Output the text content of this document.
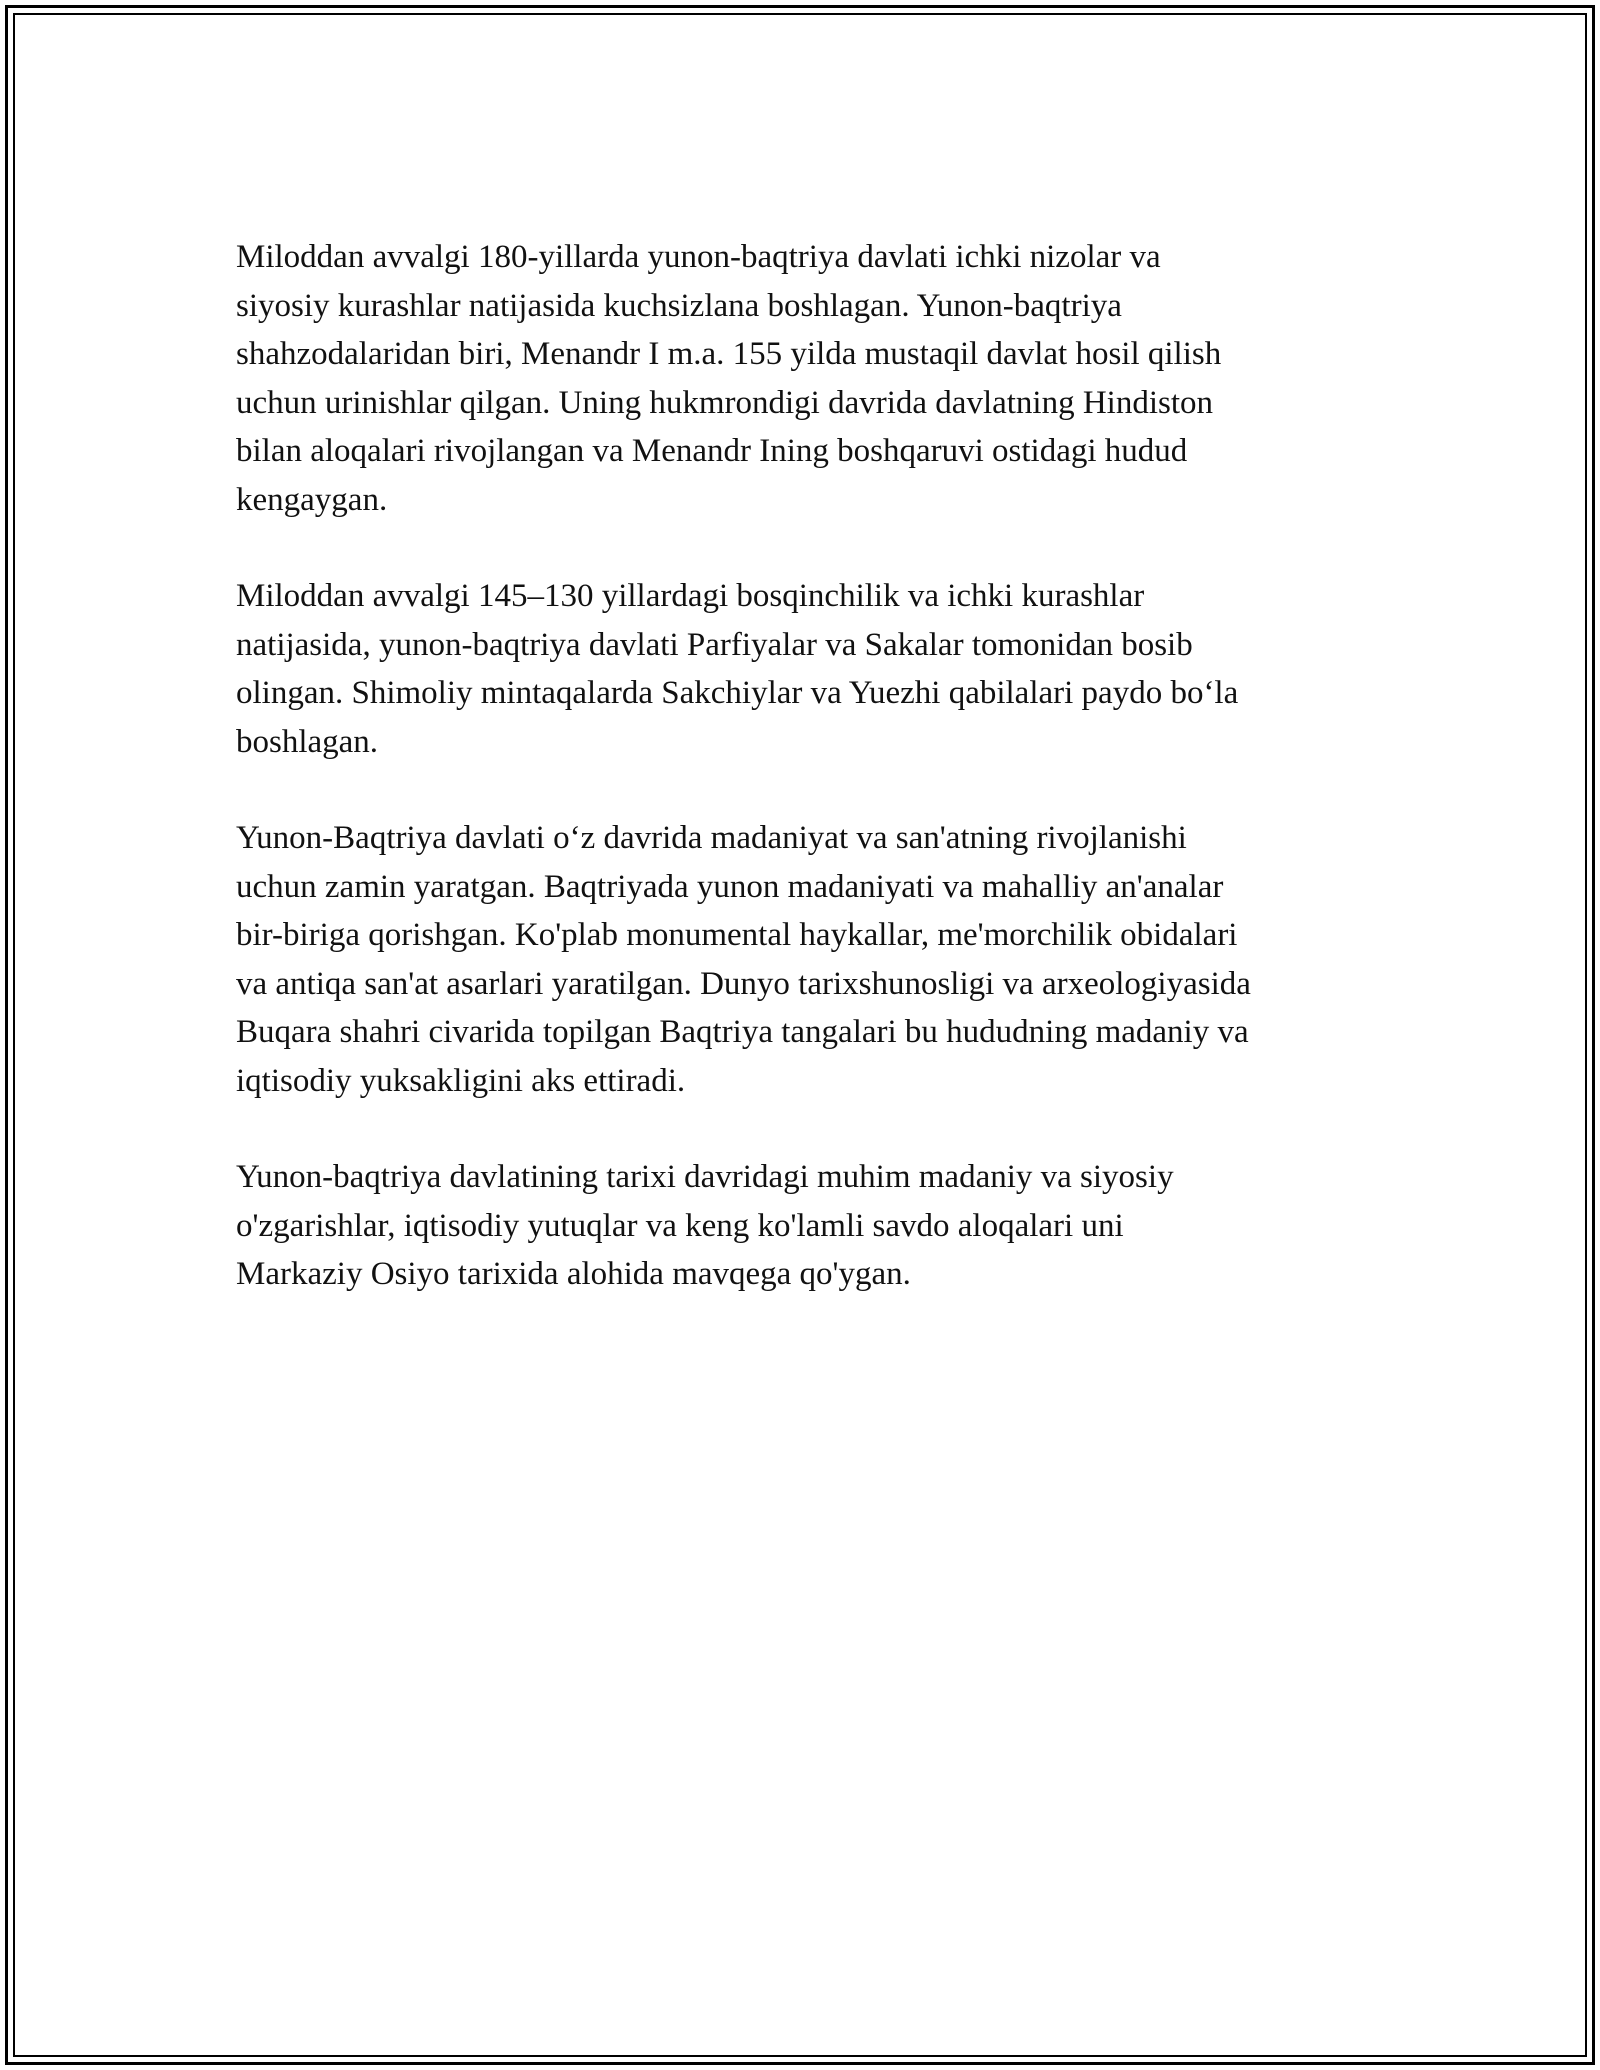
Miloddan avvalgi 180-yillarda yunon-baqtriya davlati ichki nizolar va
siyosiy kurashlar natijasida kuchsizlana boshlagan. Yunon-baqtriya
shahzodalaridan biri, Menandr I m.a. 155 yilda mustaqil davlat hosil qilish
uchun urinishlar qilgan. Uning hukmrondigi davrida davlatning Hindiston
bilan aloqalari rivojlangan va Menandr Ining boshqaruvi ostidagi hudud
kengaygan.

Miloddan avvalgi 145–130 yillardagi bosqinchilik va ichki kurashlar
natijasida, yunon-baqtriya davlati Parfiyalar va Sakalar tomonidan bosib
olingan. Shimoliy mintaqalarda Sakchiylar va Yuezhi qabilalari paydo boʻla
boshlagan.

Yunon-Baqtriya davlati oʻz davrida madaniyat va san'atning rivojlanishi
uchun zamin yaratgan. Baqtriyada yunon madaniyati va mahalliy an'analar
bir-biriga qorishgan. Ko'plab monumental haykallar, me'morchilik obidalari
va antiqa san'at asarlari yaratilgan. Dunyo tarixshunosligi va arxeologiyasida
Buqara shahri civarida topilgan Baqtriya tangalari bu hududning madaniy va
iqtisodiy yuksakligini aks ettiradi.

Yunon-baqtriya davlatining tarixi davridagi muhim madaniy va siyosiy
o'zgarishlar, iqtisodiy yutuqlar va keng ko'lamli savdo aloqalari uni
Markaziy Osiyo tarixida alohida mavqega qo'ygan.
